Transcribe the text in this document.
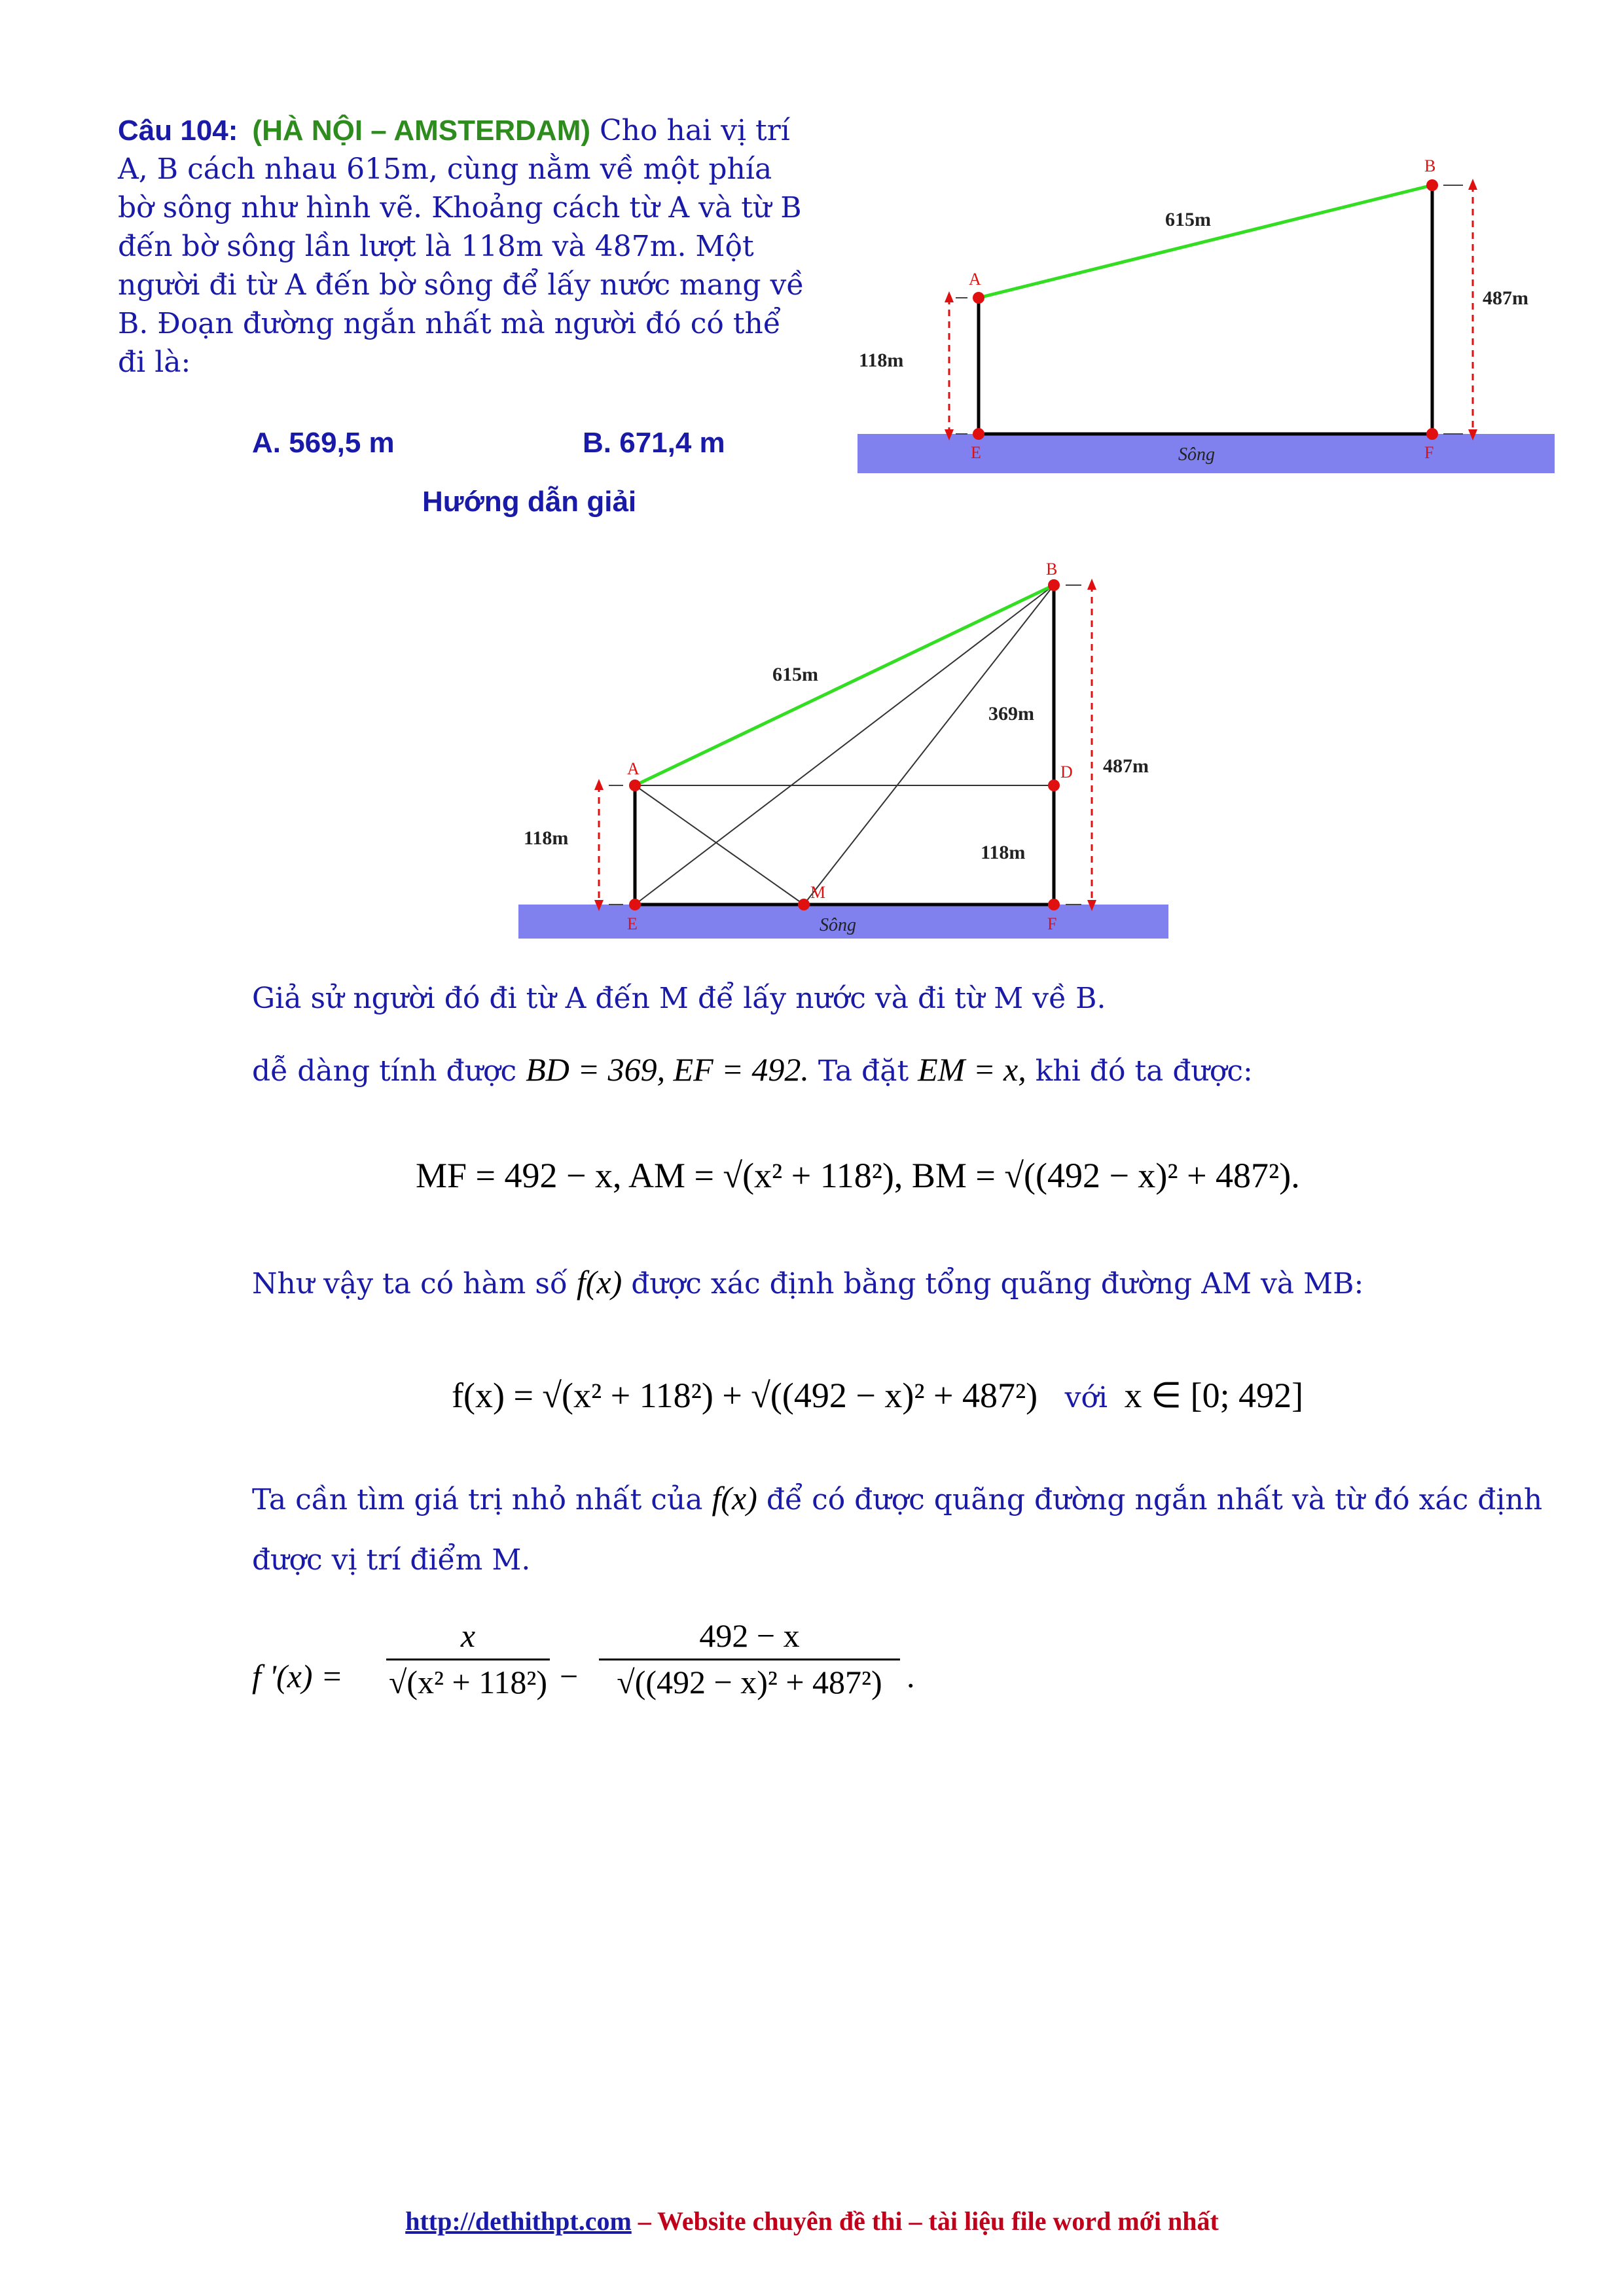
Câu 104: (HÀ NỘI – AMSTERDAM) Cho hai vị trí A, B cách nhau 615m, cùng nằm về một phía bờ sông như hình vẽ. Khoảng cách từ A và từ B đến bờ sông lần lượt là 118m và 487m. Một người đi từ A đến bờ sông để lấy nước mang về B. Đoạn đường ngắn nhất mà người đó có thể đi là:
A. 569,5 m	B. 671,4 m
A
B
E	F
615m
118m
487m
Sông
Hướng dẫn giải
A
B
D
E
M
F
615m
369m
118m
118m
487m
Sông
Giả sử người đó đi từ A đến M để lấy nước và đi từ M về B.
dễ dàng tính được BD = 369, EF = 492. Ta đặt EM = x, khi đó ta được:
MF = 492 − x, AM = √(x² + 118²), BM = √((492 − x)² + 487²).
Như vậy ta có hàm số f(x) được xác định bằng tổng quãng đường AM và MB:
f(x) = √(x² + 118²) + √((492 − x)² + 487²) với x ∈ [0; 492]
Ta cần tìm giá trị nhỏ nhất của f(x) để có được quãng đường ngắn nhất và từ đó xác định
được vị trí điểm M.
f '(x) =
x
√(x² + 118²) −
492 − x
√((492 − x)² + 487²) .
http://dethithpt.com – Website chuyên đề thi – tài liệu file word mới nhất
